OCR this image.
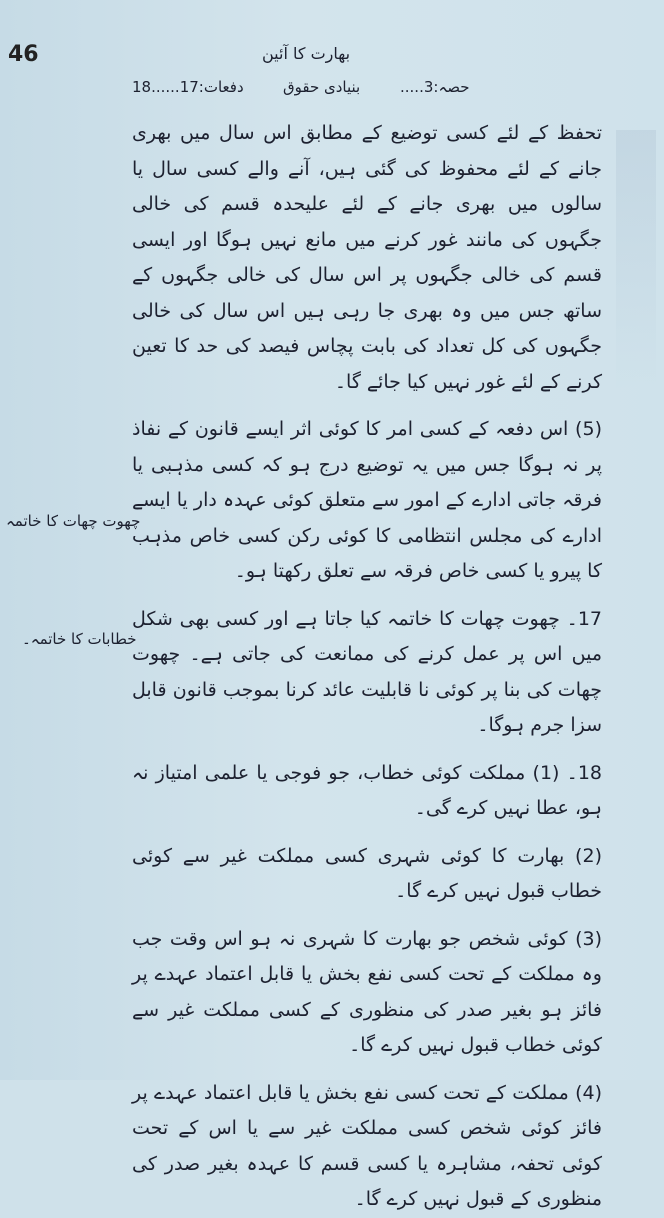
46	بھارت کا آئین
حصہ:3.....
بنیادی حقوق
دفعات:17......18
چھوت چھات کا خاتمہ
خطابات کا خاتمہ۔

تحفظ کے لئے کسی توضیع کے مطابق اس سال میں بھری جانے کے لئے محفوظ کی گئی ہیں، آنے والے کسی سال یا سالوں میں بھری جانے کے لئے علیحدہ قسم کی خالی جگہوں کی مانند غور کرنے میں مانع نہیں ہوگا اور ایسی قسم کی خالی جگہوں پر اس سال کی خالی جگہوں کے ساتھ جس میں وہ بھری جا رہی ہیں اس سال کی خالی جگہوں کی کل تعداد کی بابت پچاس فیصد کی حد کا تعین کرنے کے لئے غور نہیں کیا جائے گا۔

(5) اس دفعہ کے کسی امر کا کوئی اثر ایسے قانون کے نفاذ پر نہ ہوگا جس میں یہ توضیع درج ہو کہ کسی مذہبی یا فرقہ جاتی ادارے کے امور سے متعلق کوئی عہدہ دار یا ایسے ادارے کی مجلس انتظامی کا کوئی رکن کسی خاص مذہب کا پیرو یا کسی خاص فرقہ سے تعلق رکھتا ہو۔

17۔ چھوت چھات کا خاتمہ کیا جاتا ہے اور کسی بھی شکل میں اس پر عمل کرنے کی ممانعت کی جاتی ہے۔ چھوت چھات کی بنا پر کوئی نا قابلیت عائد کرنا بموجب قانون قابل سزا جرم ہوگا۔

18۔ (1) مملکت کوئی خطاب، جو فوجی یا علمی امتیاز نہ ہو، عطا نہیں کرے گی۔

(2) بھارت کا کوئی شہری کسی مملکت غیر سے کوئی خطاب قبول نہیں کرے گا۔

(3) کوئی شخص جو بھارت کا شہری نہ ہو اس وقت جب وہ مملکت کے تحت کسی نفع بخش یا قابل اعتماد عہدے پر فائز ہو بغیر صدر کی منظوری کے کسی مملکت غیر سے کوئی خطاب قبول نہیں کرے گا۔

(4) مملکت کے تحت کسی نفع بخش یا قابل اعتماد عہدے پر فائز کوئی شخص کسی مملکت غیر سے یا اس کے تحت کوئی تحفہ، مشاہرہ یا کسی قسم کا عہدہ بغیر صدر کی منظوری کے قبول نہیں کرے گا۔
